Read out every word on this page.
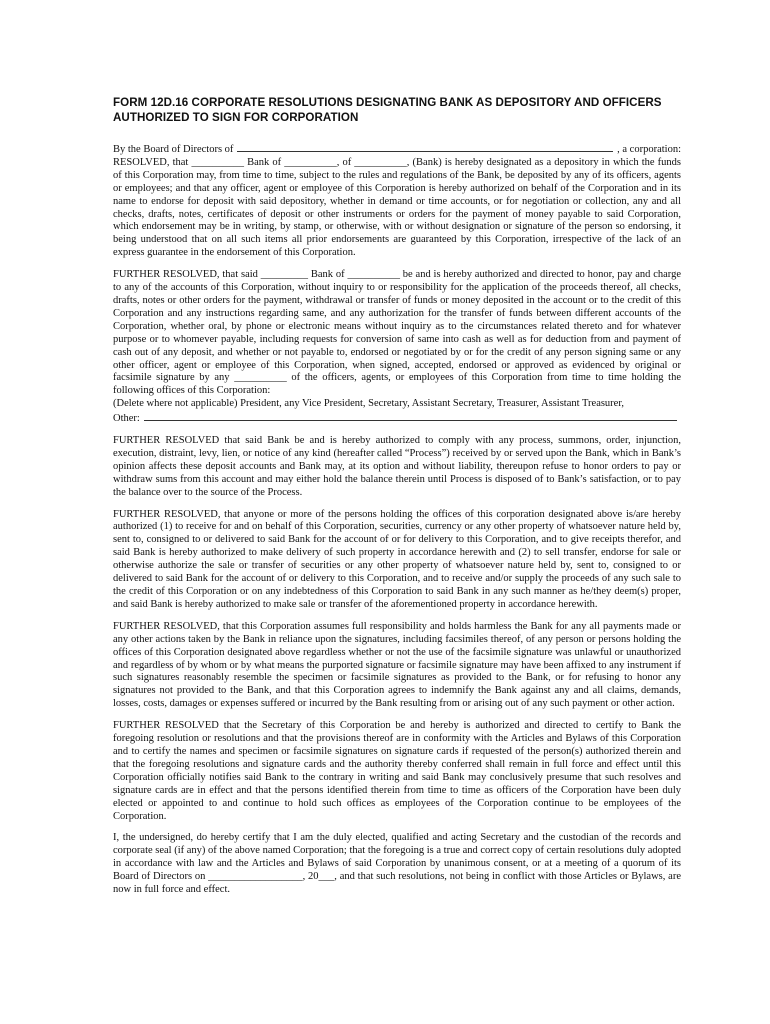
FORM 12D.16 CORPORATE RESOLUTIONS DESIGNATING BANK AS DEPOSITORY AND OFFICERS AUTHORIZED TO SIGN FOR CORPORATION
By the Board of Directors of	, a corporation:

RESOLVED, that __________ Bank of __________, of __________, (Bank) is hereby designated as a depository in which the funds of this Corporation may, from time to time, subject to the rules and regulations of the Bank, be deposited by any of its officers, agents or employees; and that any officer, agent or employee of this Corporation is hereby authorized on behalf of the Corporation and in its name to endorse for deposit with said depository, whether in demand or time accounts, or for negotiation or collection, any and all checks, drafts, notes, certificates of deposit or other instruments or orders for the payment of money payable to said Corporation, which endorsement may be in writing, by stamp, or otherwise, with or without designation or signature of the person so endorsing, it being understood that on all such items all prior endorsements are guaranteed by this Corporation, irrespective of the lack of an express guarantee in the endorsement of this Corporation.

FURTHER RESOLVED, that said _________ Bank of __________ be and is hereby authorized and directed to honor, pay and charge to any of the accounts of this Corporation, without inquiry to or responsibility for the application of the proceeds thereof, all checks, drafts, notes or other orders for the payment, withdrawal or transfer of funds or money deposited in the account or to the credit of this Corporation and any instructions regarding same, and any authorization for the transfer of funds between different accounts of the Corporation, whether oral, by phone or electronic means without inquiry as to the circumstances related thereto and for whatever purpose or to whomever payable, including requests for conversion of same into cash as well as for deduction from and payment of cash out of any deposit, and whether or not payable to, endorsed or negotiated by or for the credit of any person signing same or any other officer, agent or employee of this Corporation, when signed, accepted, endorsed or approved as evidenced by original or facsimile signature by any __________ of the officers, agents, or employees of this Corporation from time to time holding the following offices of this Corporation:

(Delete where not applicable) President, any Vice President, Secretary, Assistant Secretary, Treasurer, Assistant Treasurer,
Other:

FURTHER RESOLVED that said Bank be and is hereby authorized to comply with any process, summons, order, injunction, execution, distraint, levy, lien, or notice of any kind (hereafter called “Process”) received by or served upon the Bank, which in Bank’s opinion affects these deposit accounts and Bank may, at its option and without liability, thereupon refuse to honor orders to pay or withdraw sums from this account and may either hold the balance therein until Process is disposed of to Bank’s satisfaction, or to pay the balance over to the source of the Process.

FURTHER RESOLVED, that anyone or more of the persons holding the offices of this corporation designated above is/are hereby authorized (1) to receive for and on behalf of this Corporation, securities, currency or any other property of whatsoever nature held by, sent to, consigned to or delivered to said Bank for the account of or for delivery to this Corporation, and to give receipts therefor, and said Bank is hereby authorized to make delivery of such property in accordance herewith and (2) to sell transfer, endorse for sale or otherwise authorize the sale or transfer of securities or any other property of whatsoever nature held by, sent to, consigned to or delivered to said Bank for the account of or delivery to this Corporation, and to receive and/or supply the proceeds of any such sale to the credit of this Corporation or on any indebtedness of this Corporation to said Bank in any such manner as he/they deem(s) proper, and said Bank is hereby authorized to make sale or transfer of the aforementioned property in accordance herewith.

FURTHER RESOLVED, that this Corporation assumes full responsibility and holds harmless the Bank for any all payments made or any other actions taken by the Bank in reliance upon the signatures, including facsimiles thereof, of any person or persons holding the offices of this Corporation designated above regardless whether or not the use of the facsimile signature was unlawful or unauthorized and regardless of by whom or by what means the purported signature or facsimile signature may have been affixed to any instrument if such signatures reasonably resemble the specimen or facsimile signatures as provided to the Bank, or for refusing to honor any signatures not provided to the Bank, and that this Corporation agrees to indemnify the Bank against any and all claims, demands, losses, costs, damages or expenses suffered or incurred by the Bank resulting from or arising out of any such payment or other action.

FURTHER RESOLVED that the Secretary of this Corporation be and hereby is authorized and directed to certify to Bank the foregoing resolution or resolutions and that the provisions thereof are in conformity with the Articles and Bylaws of this Corporation and to certify the names and specimen or facsimile signatures on signature cards if requested of the person(s) authorized therein and that the foregoing resolutions and signature cards and the authority thereby conferred shall remain in full force and effect until this Corporation officially notifies said Bank to the contrary in writing and said Bank may conclusively presume that such resolves and signature cards are in effect and that the persons identified therein from time to time as officers of the Corporation have been duly elected or appointed to and continue to hold such offices as employees of the Corporation continue to be employees of the Corporation.

I, the undersigned, do hereby certify that I am the duly elected, qualified and acting Secretary and the custodian of the records and corporate seal (if any) of the above named Corporation; that the foregoing is a true and correct copy of certain resolutions duly adopted in accordance with law and the Articles and Bylaws of said Corporation by unanimous consent, or at a meeting of a quorum of its Board of Directors on __________________, 20___, and that such resolutions, not being in conflict with those Articles or Bylaws, are now in full force and effect.
